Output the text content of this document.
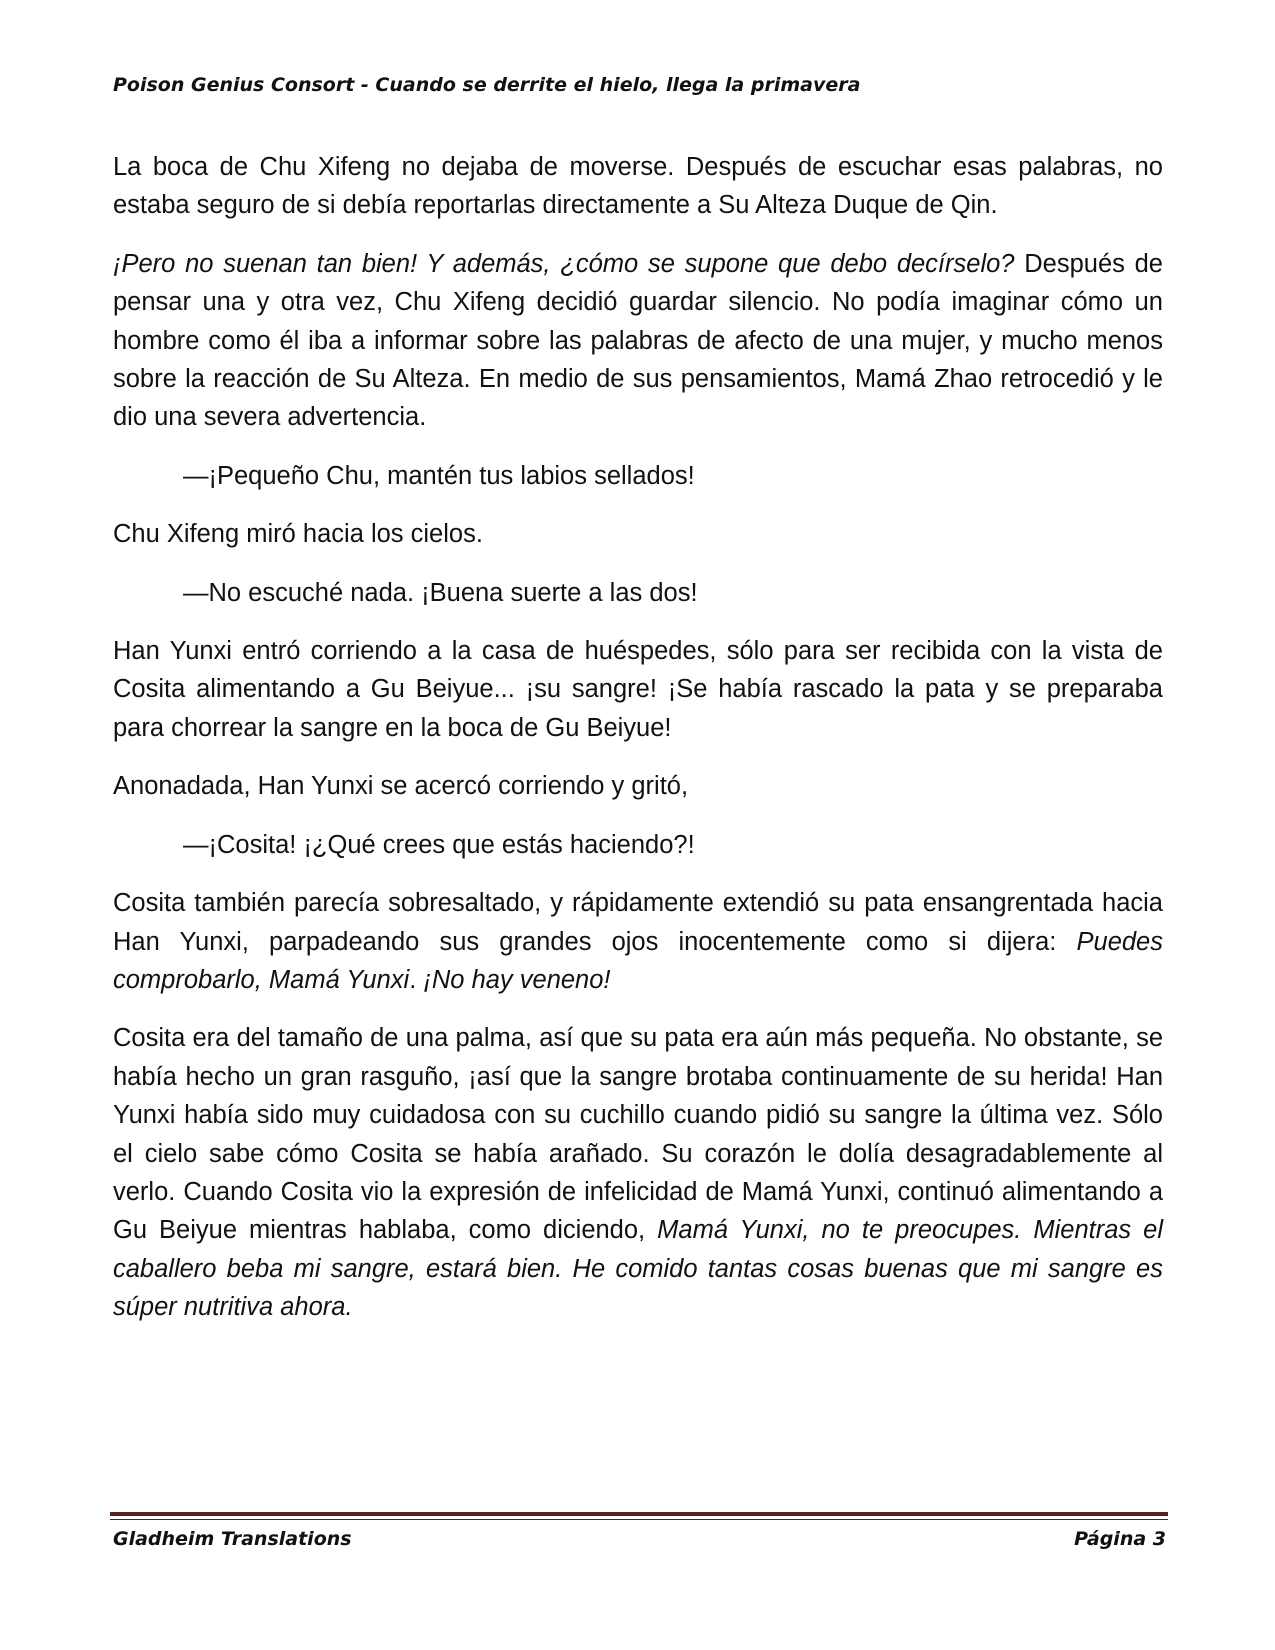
Poison Genius Consort - Cuando se derrite el hielo, llega la primavera

La boca de Chu Xifeng no dejaba de moverse. Después de escuchar esas palabras, no estaba seguro de si debía reportarlas directamente a Su Alteza Duque de Qin.

¡Pero no suenan tan bien! Y además, ¿cómo se supone que debo decírselo? Después de pensar una y otra vez, Chu Xifeng decidió guardar silencio. No podía imaginar cómo un hombre como él iba a informar sobre las palabras de afecto de una mujer, y mucho menos sobre la reacción de Su Alteza. En medio de sus pensamientos, Mamá Zhao retrocedió y le dio una severa advertencia.

—¡Pequeño Chu, mantén tus labios sellados!

Chu Xifeng miró hacia los cielos.

—No escuché nada. ¡Buena suerte a las dos!

Han Yunxi entró corriendo a la casa de huéspedes, sólo para ser recibida con la vista de Cosita alimentando a Gu Beiyue... ¡su sangre! ¡Se había rascado la pata y se preparaba para chorrear la sangre en la boca de Gu Beiyue!

Anonadada, Han Yunxi se acercó corriendo y gritó,

—¡Cosita! ¡¿Qué crees que estás haciendo?!

Cosita también parecía sobresaltado, y rápidamente extendió su pata ensangrentada hacia Han Yunxi, parpadeando sus grandes ojos inocentemente como si dijera: Puedes comprobarlo, Mamá Yunxi. ¡No hay veneno!

Cosita era del tamaño de una palma, así que su pata era aún más pequeña. No obstante, se había hecho un gran rasguño, ¡así que la sangre brotaba continuamente de su herida! Han Yunxi había sido muy cuidadosa con su cuchillo cuando pidió su sangre la última vez. Sólo el cielo sabe cómo Cosita se había arañado. Su corazón le dolía desagradablemente al verlo. Cuando Cosita vio la expresión de infelicidad de Mamá Yunxi, continuó alimentando a Gu Beiyue mientras hablaba, como diciendo, Mamá Yunxi, no te preocupes. Mientras el caballero beba mi sangre, estará bien. He comido tantas cosas buenas que mi sangre es súper nutritiva ahora.

Gladheim Translations	Página 3
